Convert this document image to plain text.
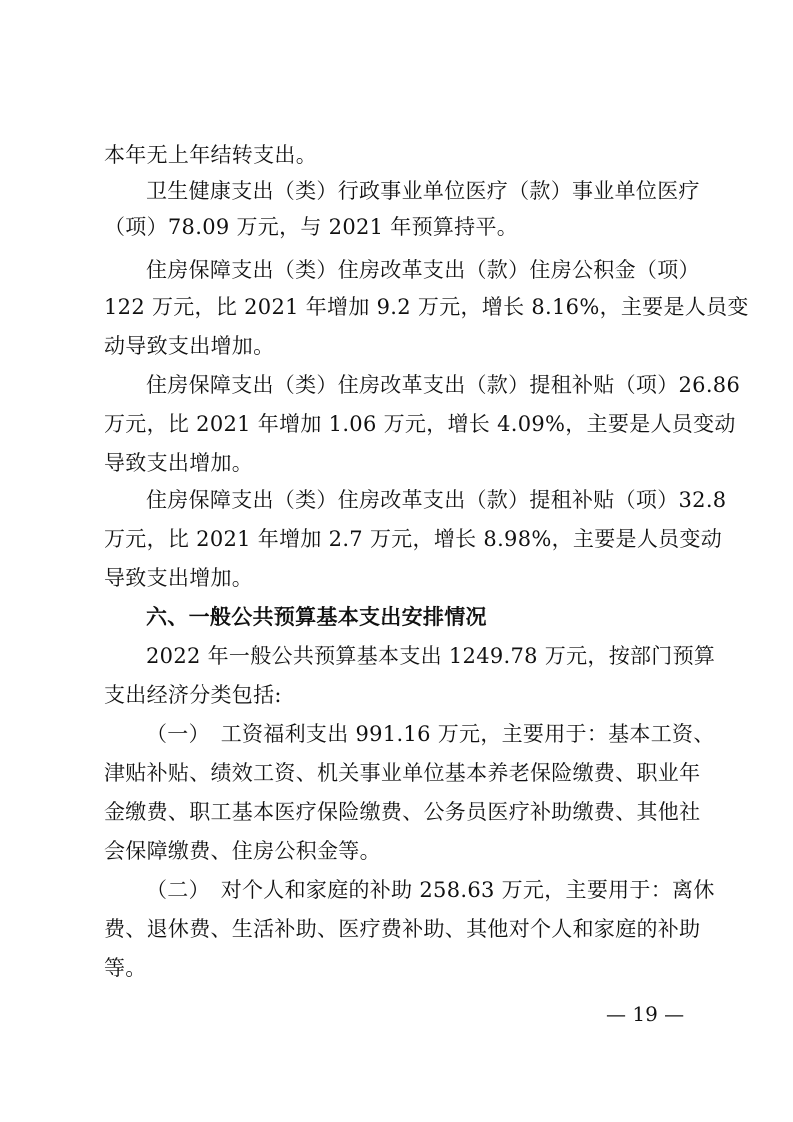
本年无上年结转支出。
卫生健康支出（类）行政事业单位医疗（款）事业单位医疗
（项）78.09 万元，与 2021 年预算持平。
住房保障支出（类）住房改革支出（款）住房公积金（项）
122 万元，比 2021 年增加 9.2 万元，增长 8.16%，主要是人员变
动导致支出增加。
住房保障支出（类）住房改革支出（款）提租补贴（项）26.86
万元，比 2021 年增加 1.06 万元，增长 4.09%，主要是人员变动
导致支出增加。
住房保障支出（类）住房改革支出（款）提租补贴（项）32.8
万元，比 2021 年增加 2.7 万元，增长 8.98%，主要是人员变动
导致支出增加。
六、一般公共预算基本支出安排情况
2022 年一般公共预算基本支出 1249.78 万元，按部门预算
支出经济分类包括:
（一）　工资福利支出 991.16 万元，主要用于：基本工资、
津贴补贴、绩效工资、机关事业单位基本养老保险缴费、职业年
金缴费、职工基本医疗保险缴费、公务员医疗补助缴费、其他社
会保障缴费、住房公积金等。
（二）　对个人和家庭的补助 258.63 万元，主要用于：离休
费、退休费、生活补助、医疗费补助、其他对个人和家庭的补助
等。
— 19 —
